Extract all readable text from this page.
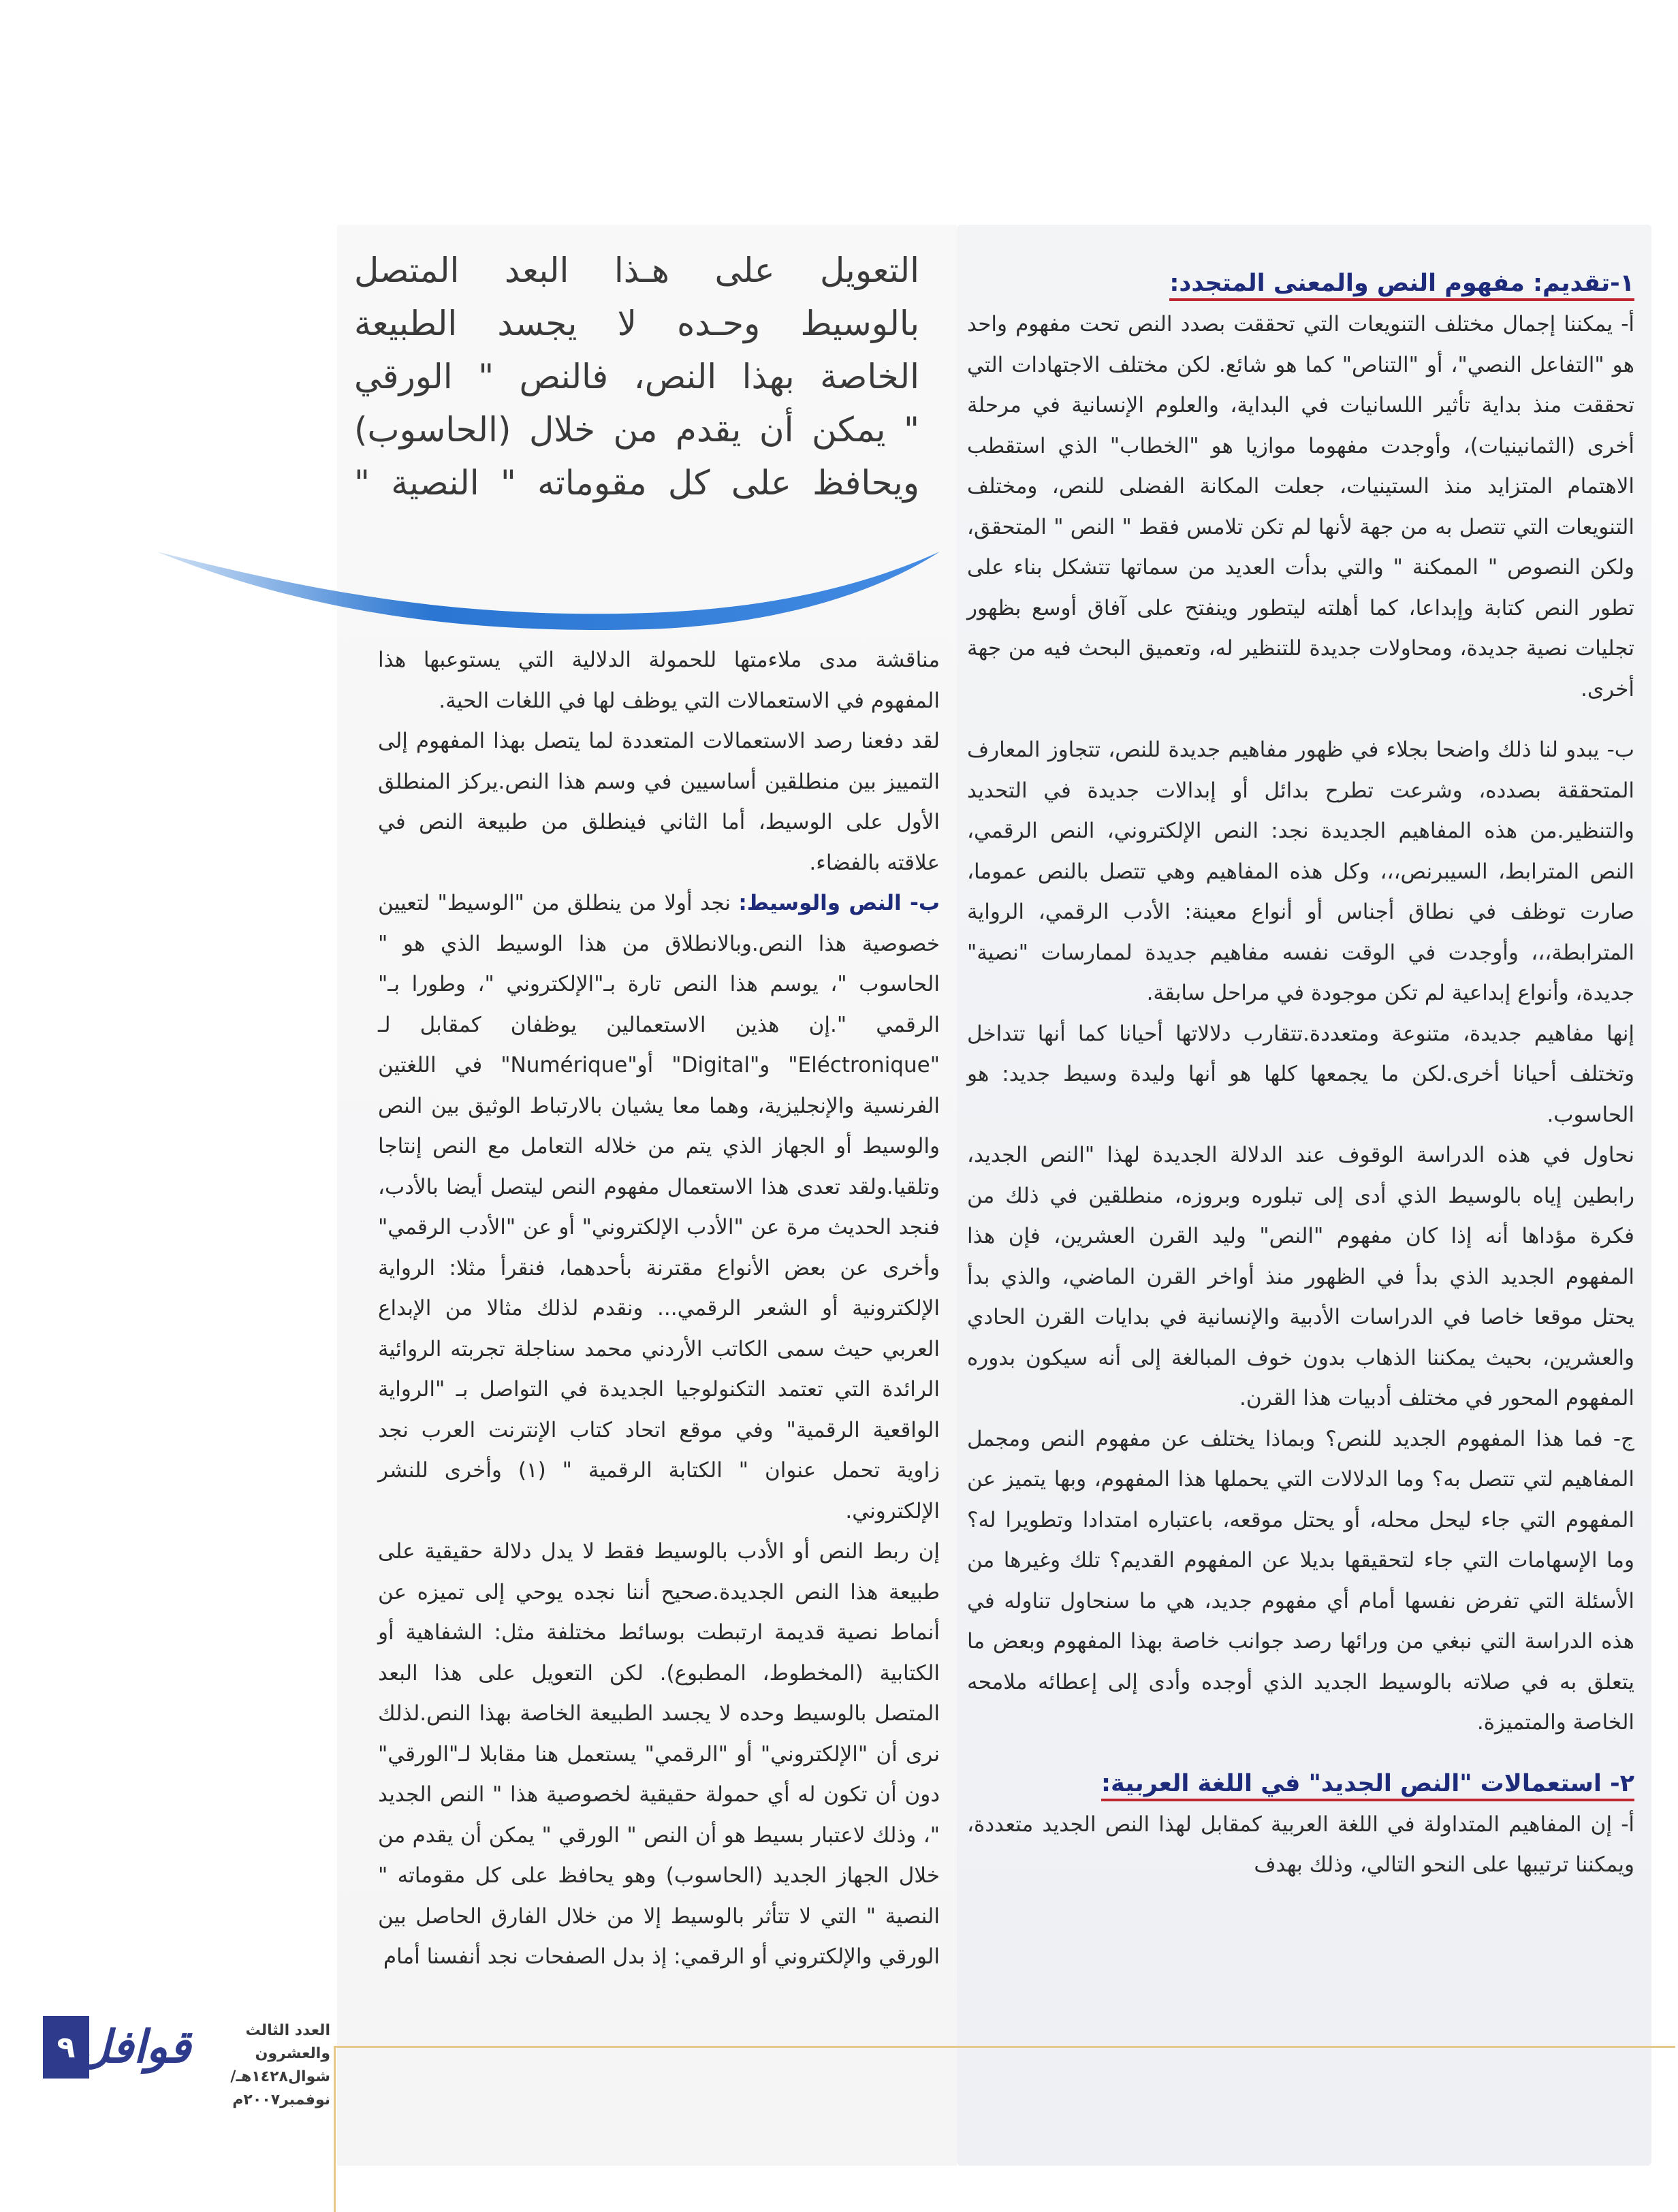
التعويل على هـذا البعد المتصل

بالوسيط وحـده لا يجسد الطبيعة

الخاصة بهذا النص، فالنص " الورقي

" يمكن أن يقدم من خلال (الحاسوب)

ويحافظ على كل مقوماته " النصية "

١-تقديم: مفهوم النص والمعنى المتجدد:

أ- يمكننا إجمال مختلف التنويعات التي تحققت بصدد النص تحت مفهوم واحد هو "التفاعل النصي"، أو "التناص" كما هو شائع. لكن مختلف الاجتهادات التي تحققت منذ بداية تأثير اللسانيات في البداية، والعلوم الإنسانية في مرحلة أخرى (الثمانينيات)، وأوجدت مفهوما موازيا هو "الخطاب" الذي استقطب الاهتمام المتزايد منذ الستينيات، جعلت المكانة الفضلى للنص، ومختلف التنويعات التي تتصل به من جهة لأنها لم تكن تلامس فقط " النص " المتحقق، ولكن النصوص " الممكنة " والتي بدأت العديد من سماتها تتشكل بناء على تطور النص كتابة وإبداعا، كما أهلته ليتطور وينفتح على آفاق أوسع بظهور تجليات نصية جديدة، ومحاولات جديدة للتنظير له، وتعميق البحث فيه من جهة أخرى.

ب- يبدو لنا ذلك واضحا بجلاء في ظهور مفاهيم جديدة للنص، تتجاوز المعارف المتحققة بصدده، وشرعت تطرح بدائل أو إبدالات جديدة في التحديد والتنظير.من هذه المفاهيم الجديدة نجد: النص الإلكتروني، النص الرقمي، النص المترابط، السيبرنص،،، وكل هذه المفاهيم وهي تتصل بالنص عموما، صارت توظف في نطاق أجناس أو أنواع معينة: الأدب الرقمي، الرواية المترابطة،،، وأوجدت في الوقت نفسه مفاهيم جديدة لممارسات "نصية" جديدة، وأنواع إبداعية لم تكن موجودة في مراحل سابقة.

إنها مفاهيم جديدة، متنوعة ومتعددة.تتقارب دلالاتها أحيانا كما أنها تتداخل وتختلف أحيانا أخرى.لكن ما يجمعها كلها هو أنها وليدة وسيط جديد: هو الحاسوب.

نحاول في هذه الدراسة الوقوف عند الدلالة الجديدة لهذا "النص الجديد، رابطين إياه بالوسيط الذي أدى إلى تبلوره وبروزه، منطلقين في ذلك من فكرة مؤداها أنه إذا كان مفهوم "النص" وليد القرن العشرين، فإن هذا المفهوم الجديد الذي بدأ في الظهور منذ أواخر القرن الماضي، والذي بدأ يحتل موقعا خاصا في الدراسات الأدبية والإنسانية في بدايات القرن الحادي والعشرين، بحيث يمكننا الذهاب بدون خوف المبالغة إلى أنه سيكون بدوره المفهوم المحور في مختلف أدبيات هذا القرن.

ج- فما هذا المفهوم الجديد للنص؟ وبماذا يختلف عن مفهوم النص ومجمل المفاهيم لتي تتصل به؟ وما الدلالات التي يحملها هذا المفهوم، وبها يتميز عن المفهوم التي جاء ليحل محله، أو يحتل موقعه، باعتباره امتدادا وتطويرا له؟ وما الإسهامات التي جاء لتحقيقها بديلا عن المفهوم القديم؟ تلك وغيرها من الأسئلة التي تفرض نفسها أمام أي مفهوم جديد، هي ما سنحاول تناوله في هذه الدراسة التي نبغي من ورائها رصد جوانب خاصة بهذا المفهوم وبعض ما يتعلق به في صلاته بالوسيط الجديد الذي أوجده وأدى إلى إعطائه ملامحه الخاصة والمتميزة.

٢- استعمالات "النص الجديد" في اللغة العربية:

أ- إن المفاهيم المتداولة في اللغة العربية كمقابل لهذا النص الجديد متعددة، ويمكننا ترتيبها على النحو التالي، وذلك بهدف

مناقشة مدى ملاءمتها للحمولة الدلالية التي يستوعبها هذا المفهوم في الاستعمالات التي يوظف لها في اللغات الحية.

لقد دفعنا رصد الاستعمالات المتعددة لما يتصل بهذا المفهوم إلى التمييز بين منطلقين أساسيين في وسم هذا النص.يركز المنطلق الأول على الوسيط، أما الثاني فينطلق من طبيعة النص في علاقته بالفضاء.

ب- النص والوسيط: نجد أولا من ينطلق من "الوسيط" لتعيين خصوصية هذا النص.وبالانطلاق من هذا الوسيط الذي هو " الحاسوب "، يوسم هذا النص تارة بـ"الإلكتروني "، وطورا بـ" الرقمي ".إن هذين الاستعمالين يوظفان كمقابل لـ "Eléctronique" و"Digital" أو"Numérique" في اللغتين الفرنسية والإنجليزية، وهما معا يشيان بالارتباط الوثيق بين النص والوسيط أو الجهاز الذي يتم من خلاله التعامل مع النص إنتاجا وتلقيا.ولقد تعدى هذا الاستعمال مفهوم النص ليتصل أيضا بالأدب، فنجد الحديث مرة عن "الأدب الإلكتروني" أو عن "الأدب الرقمي" وأخرى عن بعض الأنواع مقترنة بأحدهما، فنقرأ مثلا: الرواية الإلكترونية أو الشعر الرقمي... ونقدم لذلك مثالا من الإبداع العربي حيث سمى الكاتب الأردني محمد سناجلة تجربته الروائية الرائدة التي تعتمد التكنولوجيا الجديدة في التواصل بـ "الرواية الواقعية الرقمية" وفي موقع اتحاد كتاب الإنترنت العرب نجد زاوية تحمل عنوان " الكتابة الرقمية " (١) وأخرى للنشر الإلكتروني.

إن ربط النص أو الأدب بالوسيط فقط لا يدل دلالة حقيقية على طبيعة هذا النص الجديدة.صحيح أننا نجده يوحي إلى تميزه عن أنماط نصية قديمة ارتبطت بوسائط مختلفة مثل: الشفاهية أو الكتابية (المخطوط، المطبوع). لكن التعويل على هذا البعد المتصل بالوسيط وحده لا يجسد الطبيعة الخاصة بهذا النص.لذلك نرى أن "الإلكتروني" أو "الرقمي" يستعمل هنا مقابلا لـ"الورقي" دون أن تكون له أي حمولة حقيقية لخصوصية هذا " النص الجديد "، وذلك لاعتبار بسيط هو أن النص " الورقي " يمكن أن يقدم من خلال الجهاز الجديد (الحاسوب) وهو يحافظ على كل مقوماته " النصية " التي لا تتأثر بالوسيط إلا من خلال الفارق الحاصل بين الورقي والإلكتروني أو الرقمي: إذ بدل الصفحات نجد أنفسنا أمام

٩ قوافل	العدد الثالث والعشرون
شوال١٤٢٨هـ/ نوفمبر٢٠٠٧م
